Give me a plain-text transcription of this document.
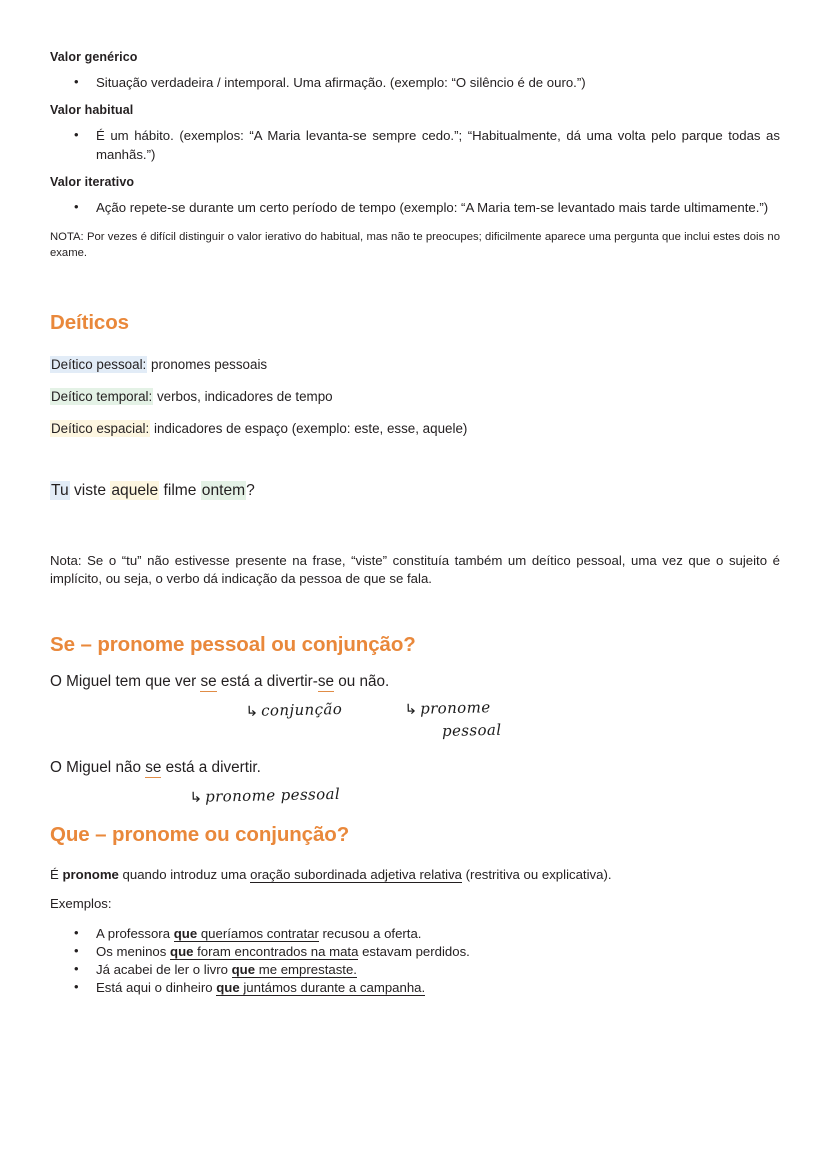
Valor genérico
• Situação verdadeira / intemporal. Uma afirmação. (exemplo: “O silêncio é de ouro.”)
Valor habitual
• É um hábito. (exemplos: “A Maria levanta-se sempre cedo.”; “Habitualmente, dá uma volta pelo parque todas as manhãs.”)
Valor iterativo
• Ação repete-se durante um certo período de tempo (exemplo: “A Maria tem-se levantado mais tarde ultimamente.”)
NOTA: Por vezes é difícil distinguir o valor ierativo do habitual, mas não te preocupes; dificilmente aparece uma pergunta que inclui estes dois no exame.
Deíticos
Deítico pessoal: pronomes pessoais
Deítico temporal: verbos, indicadores de tempo
Deítico espacial: indicadores de espaço (exemplo: este, esse, aquele)
Tu viste aquele filme ontem?
Nota: Se o “tu” não estivesse presente na frase, “viste” constituía também um deítico pessoal, uma vez que o sujeito é implícito, ou seja, o verbo dá indicação da pessoa de que se fala.
Se – pronome pessoal ou conjunção?
O Miguel tem que ver se está a divertir-se ou não.
↳ conjunção	↳ pronome
pessoal
O Miguel não se está a divertir.
↳ pronome pessoal
Que – pronome ou conjunção?
É pronome quando introduz uma oração subordinada adjetiva relativa (restritiva ou explicativa).
Exemplos:
• A professora que queríamos contratar recusou a oferta.
• Os meninos que foram encontrados na mata estavam perdidos.
• Já acabei de ler o livro que me emprestaste.
• Está aqui o dinheiro que juntámos durante a campanha.
